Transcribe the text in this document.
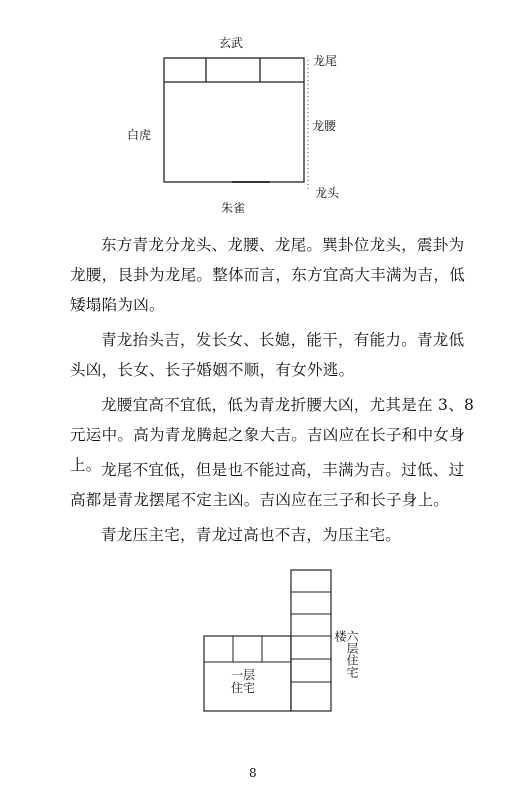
玄武
白虎
朱雀
龙尾
龙腰
龙头

东方青龙分龙头、龙腰、龙尾。巽卦位龙头，震卦为龙腰，艮卦为龙尾。整体而言，东方宜高大丰满为吉，低矮塌陷为凶。

青龙抬头吉，发长女、长媳，能干，有能力。青龙低头凶，长女、长子婚姻不顺，有女外逃。

龙腰宜高不宜低，低为青龙折腰大凶，尤其是在 3、8 元运中。高为青龙腾起之象大吉。吉凶应在长子和中女身上。 龙尾不宜低，但是也不能过高，丰满为吉。过低、过高都是青龙摆尾不定主凶。吉凶应在三子和长子身上。

青龙压主宅，青龙过高也不吉，为压主宅。

一层住宅
六层住宅楼
8
